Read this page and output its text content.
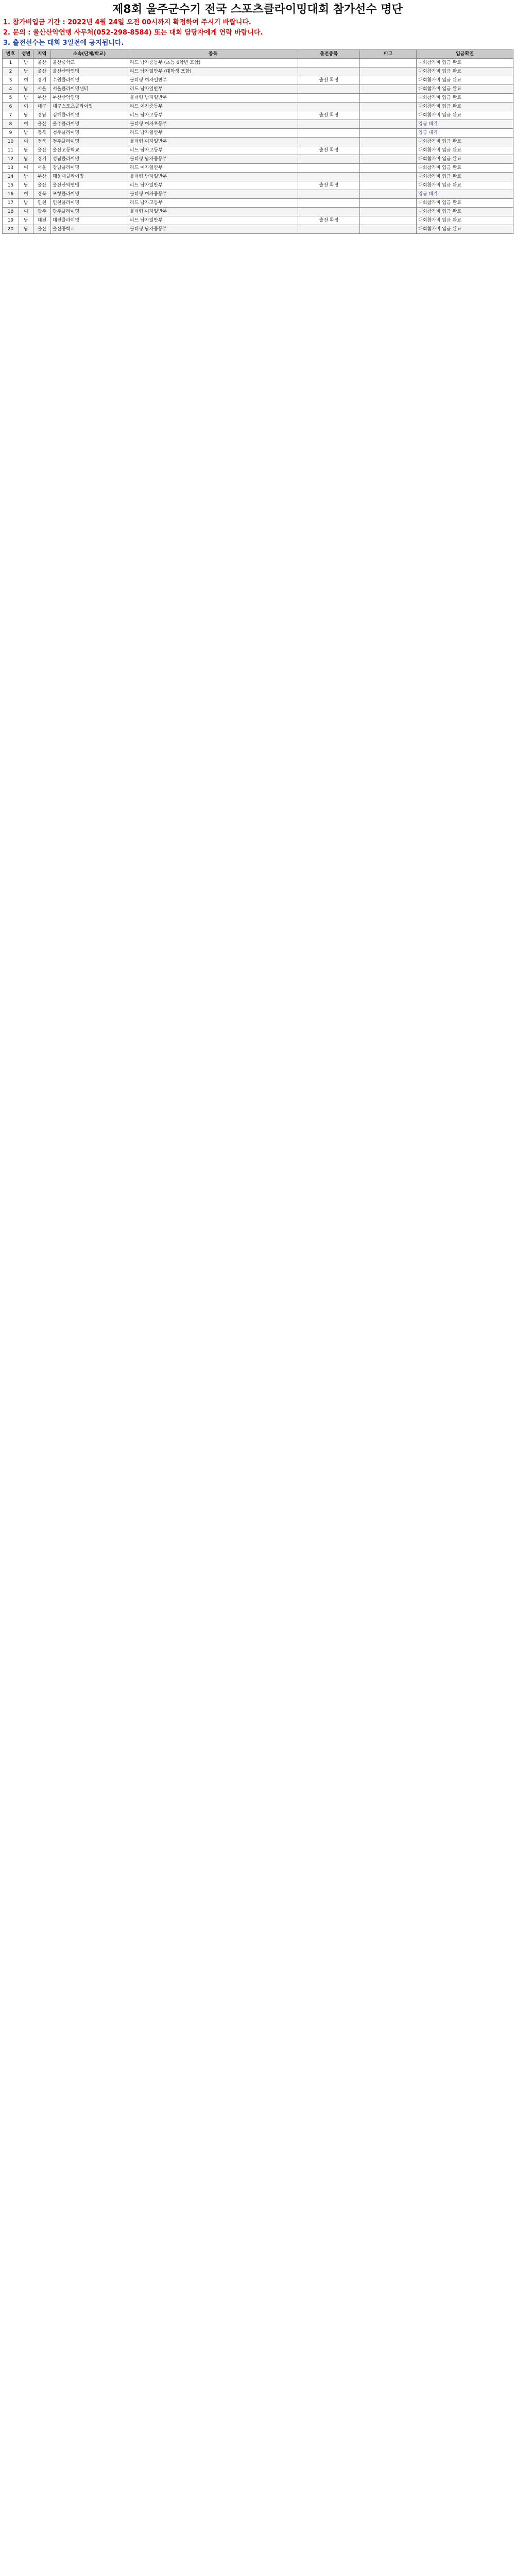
제8회 울주군수기 전국 스포츠클라이밍대회 참가선수 명단
1. 참가비입금 기간 : 2022년 4월 24일 오전 00시까지 확정하여 주시기 바랍니다.
2. 문의 : 울산산악연맹 사무처(052-298-8584) 또는 대회 담당자에게 연락 바랍니다.
3. 출전선수는 대회 3일전에 공지됩니다.
번호	성별	지역	소속(단체/학교)	종목	출전종목	비고	입금확인
1	남	울산	울산중학교	리드 남자중등부 (초등 6학년 포함)			대회참가비 입금 완료
2	남	울산	울산산악연맹	리드 남자일반부 (대학생 포함)			대회참가비 입금 완료
3	여	경기	수원클라이밍	볼더링 여자일반부	출전 확정		대회참가비 입금 완료
4	남	서울	서울클라이밍센터	리드 남자일반부			대회참가비 입금 완료
5	남	부산	부산산악연맹	볼더링 남자일반부			대회참가비 입금 완료
6	여	대구	대구스포츠클라이밍	리드 여자중등부			대회참가비 입금 완료
7	남	경남	김해클라이밍	리드 남자고등부	출전 확정		대회참가비 입금 완료
8	여	울산	울주클라이밍	볼더링 여자초등부			입금 대기
9	남	충북	청주클라이밍	리드 남자일반부			입금 대기
10	여	전북	전주클라이밍	볼더링 여자일반부			대회참가비 입금 완료
11	남	울산	울산고등학교	리드 남자고등부	출전 확정		대회참가비 입금 완료
12	남	경기	성남클라이밍	볼더링 남자중등부			대회참가비 입금 완료
13	여	서울	강남클라이밍	리드 여자일반부			대회참가비 입금 완료
14	남	부산	해운대클라이밍	볼더링 남자일반부			대회참가비 입금 완료
15	남	울산	울산산악연맹	리드 남자일반부	출전 확정		대회참가비 입금 완료
16	여	경북	포항클라이밍	볼더링 여자중등부			입금 대기
17	남	인천	인천클라이밍	리드 남자고등부			대회참가비 입금 완료
18	여	광주	광주클라이밍	볼더링 여자일반부			대회참가비 입금 완료
19	남	대전	대전클라이밍	리드 남자일반부	출전 확정		대회참가비 입금 완료
20	남	울산	울산중학교	볼더링 남자중등부			대회참가비 입금 완료
